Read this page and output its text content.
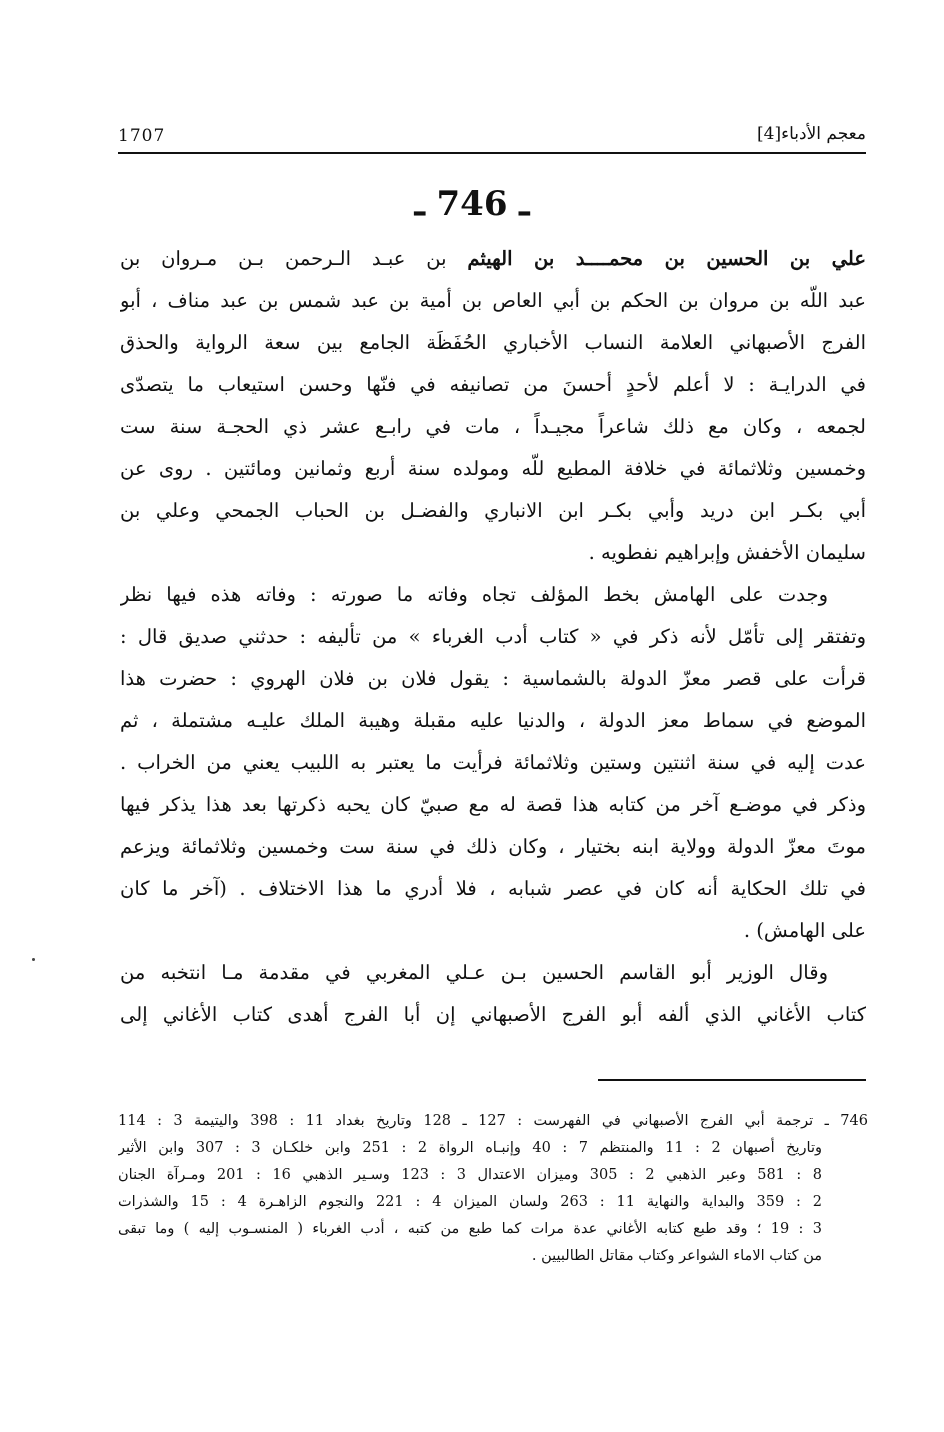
معجم الأدباء[4]
1707
ـ 746 ـ
علي بن الحسين بن محمــــد بن الهيثم بن عبـد الـرحمن بـن مـروان بن
عبد اللّه بن مروان بن الحكم بن أبي العاص بن أمية بن عبد شمس بن عبد مناف ، أبو
الفرج الأصبهاني العلامة النساب الأخباري الحُفَظَة الجامع بين سعة الرواية والحذق
في الدرايـة : لا أعلم لأحدٍ أحسنَ من تصانيفه في فنّها وحسن استيعاب ما يتصدّى
لجمعه ، وكان مع ذلك شاعراً مجيـداً ، مات في رابـع عشر ذي الحجـة سنة ست
وخمسين وثلاثمائة في خلافة المطيع للّه ومولده سنة أربع وثمانين ومائتين . روى عن
أبي بكـر ابن دريد وأبي بكـر ابن الانباري والفضـل بن الحباب الجمحي وعلي بن
سليمان الأخفش وإبراهيم نفطويه .
وجدت على الهامش بخط المؤلف تجاه وفاته ما صورته : وفاته هذه فيها نظر
وتفتقر إلى تأمّل لأنه ذكر في « كتاب أدب الغرباء » من تأليفه : حدثني صديق قال :
قرأت على قصر معزّ الدولة بالشماسية : يقول فلان بن فلان الهروي : حضرت هذا
الموضع في سماط معز الدولة ، والدنيا عليه مقبلة وهيبة الملك عليـه مشتملة ، ثم
عدت إليه في سنة اثنتين وستين وثلاثمائة فرأيت ما يعتبر به اللبيب يعني من الخراب .
وذكر في موضـع آخر من كتابه هذا قصة له مع صبيّ كان يحبه ذكرتها بعد هذا يذكر فيها
موتَ معزّ الدولة وولاية ابنه بختيار ، وكان ذلك في سنة ست وخمسين وثلاثمائة ويزعم
في تلك الحكاية أنه كان في عصر شبابه ، فلا أدري ما هذا الاختلاف . (آخر ما كان
على الهامش) .
وقال الوزير أبو القاسم الحسين بـن عـلي المغربي في مقدمة مـا انتخبه من
كتاب الأغاني الذي ألفه أبو الفرج الأصبهاني إن أبا الفرج أهدى كتاب الأغاني إلى
746 ـ ترجمة أبي الفرج الأصبهاني في الفهرست : 127 ـ 128 وتاريخ بغداد 11 : 398 واليتيمة 3 : 114
وتاريخ أصبهان 2 : 11 والمنتظم 7 : 40 وإنبـاه الرواة 2 : 251 وابن خلكـان 3 : 307 وابن الأثير
8 : 581 وعبر الذهبي 2 : 305 وميزان الاعتدال 3 : 123 وسـير الذهبي 16 : 201 ومـرآة الجنان
2 : 359 والبداية والنهاية 11 : 263 ولسان الميزان 4 : 221 والنجوم الزاهـرة 4 : 15 والشذرات
3 : 19 ؛ وقد طبع كتابه الأغاني عدة مرات كما طبع من كتبه ، أدب الغرباء ( المنسـوب إليه ) وما تبقى
من كتاب الاماء الشواعر وكتاب مقاتل الطالبيين .
